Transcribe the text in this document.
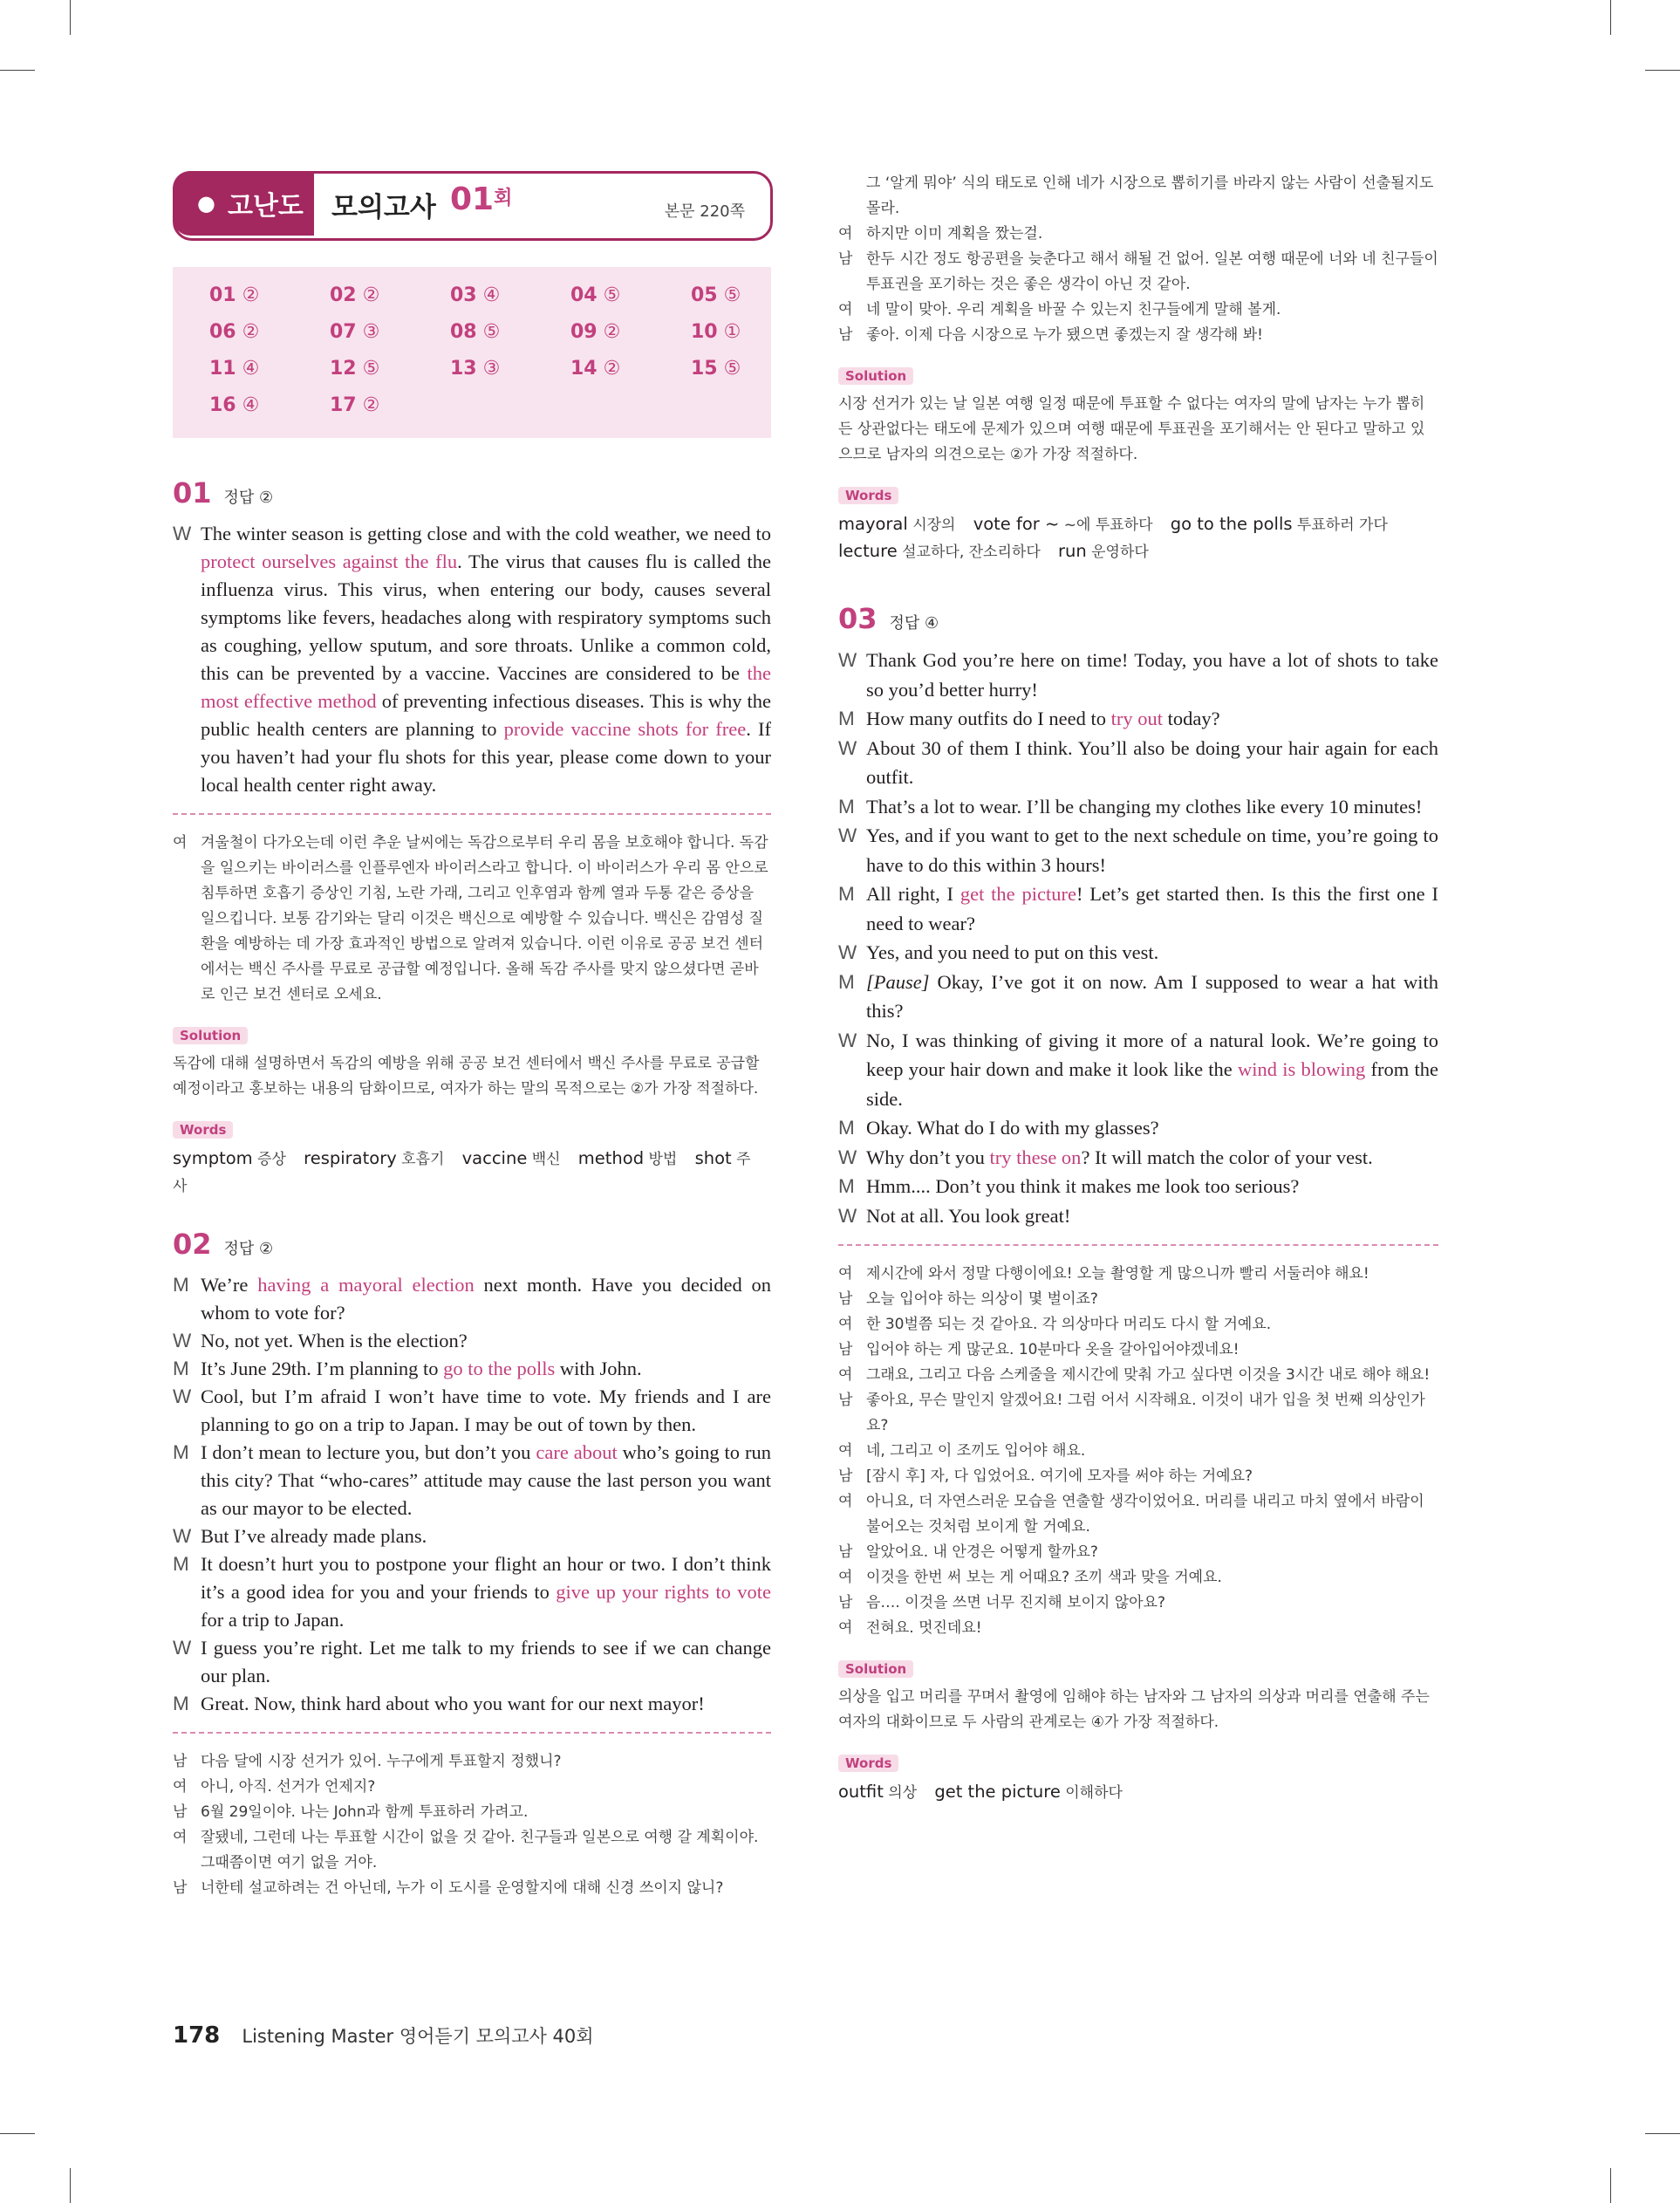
● 고난도 모의고사 $01^회$
본문 220쪽
01 ②	02 ②	03 ④	04 ⑤	05 ⑤
06 ②	07 ③	08 ⑤	09 ②	10 ①
11 ④	12 ⑤	13 ③	14 ②	15 ⑤
16 ④	17 ②
01 정답 ②
W The winter season is getting close and with the cold weather, we need to protect ourselves against the flu. The virus that causes flu is called the influenza virus. This virus, when entering our body, causes several symptoms like fevers, headaches along with respiratory symptoms such as coughing, yellow sputum, and sore throats. Unlike a common cold, this can be prevented by a vaccine. Vaccines are considered to be the most effective method of preventing infectious diseases. This is why the public health centers are planning to provide vaccine shots for free. If you haven’t had your flu shots for this year, please come down to your local health center right away.
여 겨울철이 다가오는데 이런 추운 날씨에는 독감으로부터 우리 몸을 보호해야 합니다. 독감을 일으키는 바이러스를 인플루엔자 바이러스라고 합니다. 이 바이러스가 우리 몸 안으로 침투하면 호흡기 증상인 기침, 노란 가래, 그리고 인후염과 함께 열과 두통 같은 증상을 일으킵니다. 보통 감기와는 달리 이것은 백신으로 예방할 수 있습니다. 백신은 감염성 질환을 예방하는 데 가장 효과적인 방법으로 알려져 있습니다. 이런 이유로 공공 보건 센터에서는 백신 주사를 무료로 공급할 예정입니다. 올해 독감 주사를 맞지 않으셨다면 곧바로 인근 보건 센터로 오세요.
Solution
독감에 대해 설명하면서 독감의 예방을 위해 공공 보건 센터에서 백신 주사를 무료로 공급할 예정이라고 홍보하는 내용의 담화이므로, 여자가 하는 말의 목적으로는 ②가 가장 적절하다.
Words
symptom 증상 respiratory 호흡기 vaccine 백신 method 방법 shot 주사
02 정답 ②
M We’re having a mayoral election next month. Have you decided on whom to vote for?
W No, not yet. When is the election?
M It’s June 29th. I’m planning to go to the polls with John.
W Cool, but I’m afraid I won’t have time to vote. My friends and I are planning to go on a trip to Japan. I may be out of town by then.
M I don’t mean to lecture you, but don’t you care about who’s going to run this city? That “who-cares” attitude may cause the last person you want as our mayor to be elected.
W But I’ve already made plans.
M It doesn’t hurt you to postpone your flight an hour or two. I don’t think it’s a good idea for you and your friends to give up your rights to vote for a trip to Japan.
W I guess you’re right. Let me talk to my friends to see if we can change our plan.
M Great. Now, think hard about who you want for our next mayor!
남 다음 달에 시장 선거가 있어. 누구에게 투표할지 정했니?
여 아니, 아직. 선거가 언제지?
남 6월 29일이야. 나는 John과 함께 투표하러 가려고.
여 잘됐네, 그런데 나는 투표할 시간이 없을 것 같아. 친구들과 일본으로 여행 갈 계획이야. 그때쯤이면 여기 없을 거야.
남 너한테 설교하려는 건 아닌데, 누가 이 도시를 운영할지에 대해 신경 쓰이지 않니?
그 ‘알게 뭐야’ 식의 태도로 인해 네가 시장으로 뽑히기를 바라지 않는 사람이 선출될지도 몰라.
여 하지만 이미 계획을 짰는걸.
남 한두 시간 정도 항공편을 늦춘다고 해서 해될 건 없어. 일본 여행 때문에 너와 네 친구들이 투표권을 포기하는 것은 좋은 생각이 아닌 것 같아.
여 네 말이 맞아. 우리 계획을 바꿀 수 있는지 친구들에게 말해 볼게.
남 좋아. 이제 다음 시장으로 누가 됐으면 좋겠는지 잘 생각해 봐!
Solution
시장 선거가 있는 날 일본 여행 일정 때문에 투표할 수 없다는 여자의 말에 남자는 누가 뽑히든 상관없다는 태도에 문제가 있으며 여행 때문에 투표권을 포기해서는 안 된다고 말하고 있으므로 남자의 의견으로는 ②가 가장 적절하다.
Words
mayoral 시장의 vote for ~ ~에 투표하다 go to the polls 투표하러 가다 lecture 설교하다, 잔소리하다 run 운영하다
03 정답 ④
W Thank God you’re here on time! Today, you have a lot of shots to take so you’d better hurry!
M How many outfits do I need to try out today?
W About 30 of them I think. You’ll also be doing your hair again for each outfit.
M That’s a lot to wear. I’ll be changing my clothes like every 10 minutes!
W Yes, and if you want to get to the next schedule on time, you’re going to have to do this within 3 hours!
M All right, I get the picture! Let’s get started then. Is this the first one I need to wear?
W Yes, and you need to put on this vest.
M [Pause] Okay, I’ve got it on now. Am I supposed to wear a hat with this?
W No, I was thinking of giving it more of a natural look. We’re going to keep your hair down and make it look like the wind is blowing from the side.
M Okay. What do I do with my glasses?
W Why don’t you try these on? It will match the color of your vest.
M Hmm.... Don’t you think it makes me look too serious?
W Not at all. You look great!
여 제시간에 와서 정말 다행이에요! 오늘 촬영할 게 많으니까 빨리 서둘러야 해요!
남 오늘 입어야 하는 의상이 몇 벌이죠?
여 한 30벌쯤 되는 것 같아요. 각 의상마다 머리도 다시 할 거예요.
남 입어야 하는 게 많군요. 10분마다 옷을 갈아입어야겠네요!
여 그래요, 그리고 다음 스케줄을 제시간에 맞춰 가고 싶다면 이것을 3시간 내로 해야 해요!
남 좋아요, 무슨 말인지 알겠어요! 그럼 어서 시작해요. 이것이 내가 입을 첫 번째 의상인가요?
여 네, 그리고 이 조끼도 입어야 해요.
남 [잠시 후] 자, 다 입었어요. 여기에 모자를 써야 하는 거예요?
여 아니요, 더 자연스러운 모습을 연출할 생각이었어요. 머리를 내리고 마치 옆에서 바람이 불어오는 것처럼 보이게 할 거예요.
남 알았어요. 내 안경은 어떻게 할까요?
여 이것을 한번 써 보는 게 어때요? 조끼 색과 맞을 거예요.
남 음…. 이것을 쓰면 너무 진지해 보이지 않아요?
여 전혀요. 멋진데요!
Solution
의상을 입고 머리를 꾸며서 촬영에 임해야 하는 남자와 그 남자의 의상과 머리를 연출해 주는 여자의 대화이므로 두 사람의 관계로는 ④가 가장 적절하다.
Words
outfit 의상 get the picture 이해하다
178 Listening Master 영어듣기 모의고사 40회
